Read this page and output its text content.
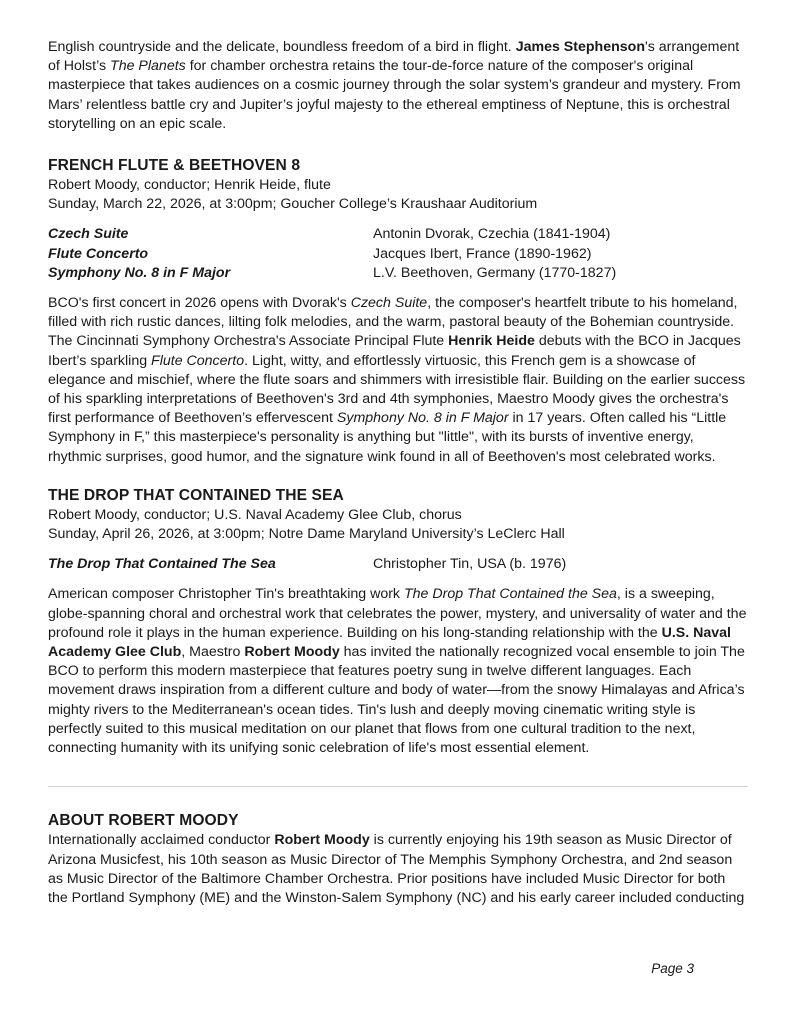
English countryside and the delicate, boundless freedom of a bird in flight. James Stephenson's arrangement of Holst’s The Planets for chamber orchestra retains the tour-de-force nature of the composer's original masterpiece that takes audiences on a cosmic journey through the solar system’s grandeur and mystery. From Mars’ relentless battle cry and Jupiter’s joyful majesty to the ethereal emptiness of Neptune, this is orchestral storytelling on an epic scale.

FRENCH FLUTE & BEETHOVEN 8
Robert Moody, conductor; Henrik Heide, flute
Sunday, March 22, 2026, at 3:00pm; Goucher College’s Kraushaar Auditorium
Czech Suite	Antonin Dvorak, Czechia (1841-1904)
Flute Concerto	Jacques Ibert, France (1890-1962)
Symphony No. 8 in F Major	L.V. Beethoven, Germany (1770-1827)

BCO's first concert in 2026 opens with Dvorak's Czech Suite, the composer's heartfelt tribute to his homeland, filled with rich rustic dances, lilting folk melodies, and the warm, pastoral beauty of the Bohemian countryside. The Cincinnati Symphony Orchestra's Associate Principal Flute Henrik Heide debuts with the BCO in Jacques Ibert’s sparkling Flute Concerto. Light, witty, and effortlessly virtuosic, this French gem is a showcase of elegance and mischief, where the flute soars and shimmers with irresistible flair. Building on the earlier success of his sparkling interpretations of Beethoven's 3rd and 4th symphonies, Maestro Moody gives the orchestra's first performance of Beethoven’s effervescent Symphony No. 8 in F Major in 17 years. Often called his “Little Symphony in F,” this masterpiece's personality is anything but "little", with its bursts of inventive energy, rhythmic surprises, good humor, and the signature wink found in all of Beethoven's most celebrated works.

THE DROP THAT CONTAINED THE SEA
Robert Moody, conductor; U.S. Naval Academy Glee Club, chorus
Sunday, April 26, 2026, at 3:00pm; Notre Dame Maryland University’s LeClerc Hall
The Drop That Contained The Sea	Christopher Tin, USA (b. 1976)

American composer Christopher Tin's breathtaking work The Drop That Contained the Sea, is a sweeping, globe-spanning choral and orchestral work that celebrates the power, mystery, and universality of water and the profound role it plays in the human experience. Building on his long-standing relationship with the U.S. Naval Academy Glee Club, Maestro Robert Moody has invited the nationally recognized vocal ensemble to join The BCO to perform this modern masterpiece that features poetry sung in twelve different languages. Each movement draws inspiration from a different culture and body of water—from the snowy Himalayas and Africa’s mighty rivers to the Mediterranean's ocean tides. Tin's lush and deeply moving cinematic writing style is perfectly suited to this musical meditation on our planet that flows from one cultural tradition to the next, connecting humanity with its unifying sonic celebration of life's most essential element.

ABOUT ROBERT MOODY

Internationally acclaimed conductor Robert Moody is currently enjoying his 19th season as Music Director of Arizona Musicfest, his 10th season as Music Director of The Memphis Symphony Orchestra, and 2nd season as Music Director of the Baltimore Chamber Orchestra. Prior positions have included Music Director for both the Portland Symphony (ME) and the Winston-Salem Symphony (NC) and his early career included conducting

Page 3
